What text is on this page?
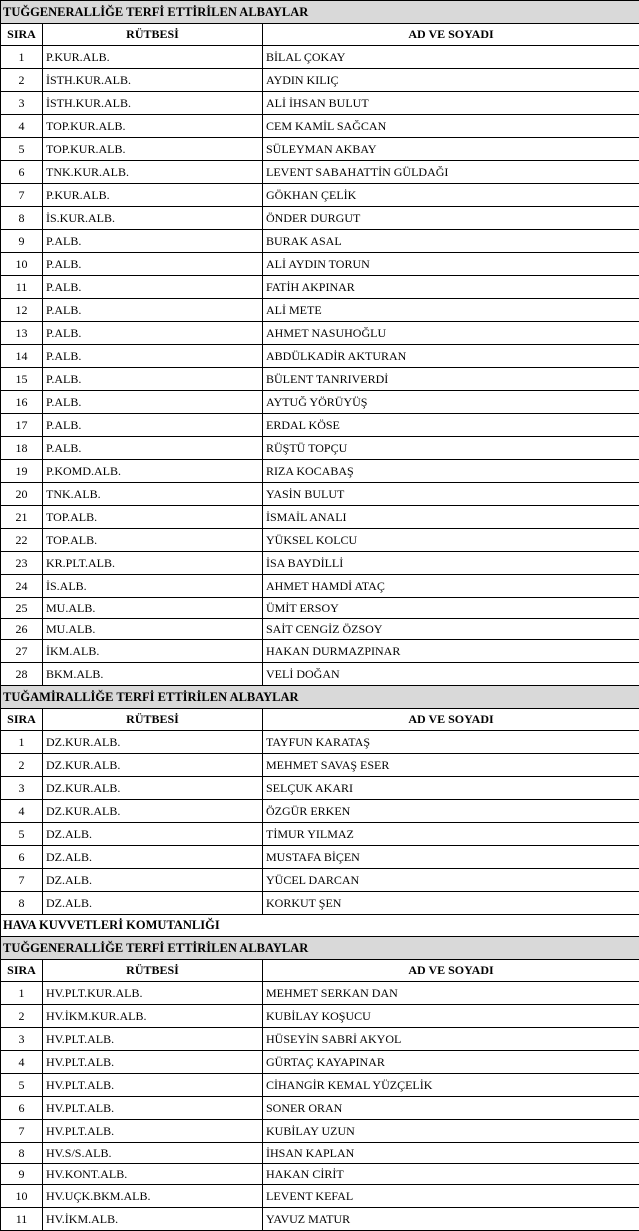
TUĞGENERALLİĞE TERFİ ETTİRİLEN ALBAYLAR		
SIRA	RÜTBESİ	AD VE SOYADI
1	P.KUR.ALB.	BİLAL ÇOKAY
2	İSTH.KUR.ALB.	AYDIN KILIÇ
3	İSTH.KUR.ALB.	ALİ İHSAN BULUT
4	TOP.KUR.ALB.	CEM KAMİL SAĞCAN
5	TOP.KUR.ALB.	SÜLEYMAN AKBAY
6	TNK.KUR.ALB.	LEVENT SABAHATTİN GÜLDAĞI
7	P.KUR.ALB.	GÖKHAN ÇELİK
8	İS.KUR.ALB.	ÖNDER DURGUT
9	P.ALB.	BURAK ASAL
10	P.ALB.	ALİ AYDIN TORUN
11	P.ALB.	FATİH AKPINAR
12	P.ALB.	ALİ METE
13	P.ALB.	AHMET NASUHOĞLU
14	P.ALB.	ABDÜLKADİR AKTURAN
15	P.ALB.	BÜLENT TANRIVERDİ
16	P.ALB.	AYTUĞ YÖRÜYÜŞ
17	P.ALB.	ERDAL KÖSE
18	P.ALB.	RÜŞTÜ TOPÇU
19	P.KOMD.ALB.	RIZA KOCABAŞ
20	TNK.ALB.	YASİN BULUT
21	TOP.ALB.	İSMAİL ANALI
22	TOP.ALB.	YÜKSEL KOLCU
23	KR.PLT.ALB.	İSA BAYDİLLİ
24	İS.ALB.	AHMET HAMDİ ATAÇ
25	MU.ALB.	ÜMİT ERSOY
26	MU.ALB.	SAİT CENGİZ ÖZSOY
27	İKM.ALB.	HAKAN DURMAZPINAR
28	BKM.ALB.	VELİ DOĞAN
TUĞAMİRALLİĞE TERFİ ETTİRİLEN ALBAYLAR		
SIRA	RÜTBESİ	AD VE SOYADI
1	DZ.KUR.ALB.	TAYFUN KARATAŞ
2	DZ.KUR.ALB.	MEHMET SAVAŞ ESER
3	DZ.KUR.ALB.	SELÇUK AKARI
4	DZ.KUR.ALB.	ÖZGÜR ERKEN
5	DZ.ALB.	TİMUR YILMAZ
6	DZ.ALB.	MUSTAFA BİÇEN
7	DZ.ALB.	YÜCEL DARCAN
8	DZ.ALB.	KORKUT ŞEN
HAVA KUVVETLERİ KOMUTANLIĞI		
TUĞGENERALLİĞE TERFİ ETTİRİLEN ALBAYLAR		
SIRA	RÜTBESİ	AD VE SOYADI
1	HV.PLT.KUR.ALB.	MEHMET SERKAN DAN
2	HV.İKM.KUR.ALB.	KUBİLAY KOŞUCU
3	HV.PLT.ALB.	HÜSEYİN SABRİ AKYOL
4	HV.PLT.ALB.	GÜRTAÇ KAYAPINAR
5	HV.PLT.ALB.	CİHANGİR KEMAL YÜZÇELİK
6	HV.PLT.ALB.	SONER ORAN
7	HV.PLT.ALB.	KUBİLAY UZUN
8	HV.S/S.ALB.	İHSAN KAPLAN
9	HV.KONT.ALB.	HAKAN CİRİT
10	HV.UÇK.BKM.ALB.	LEVENT KEFAL
11	HV.İKM.ALB.	YAVUZ MATUR
